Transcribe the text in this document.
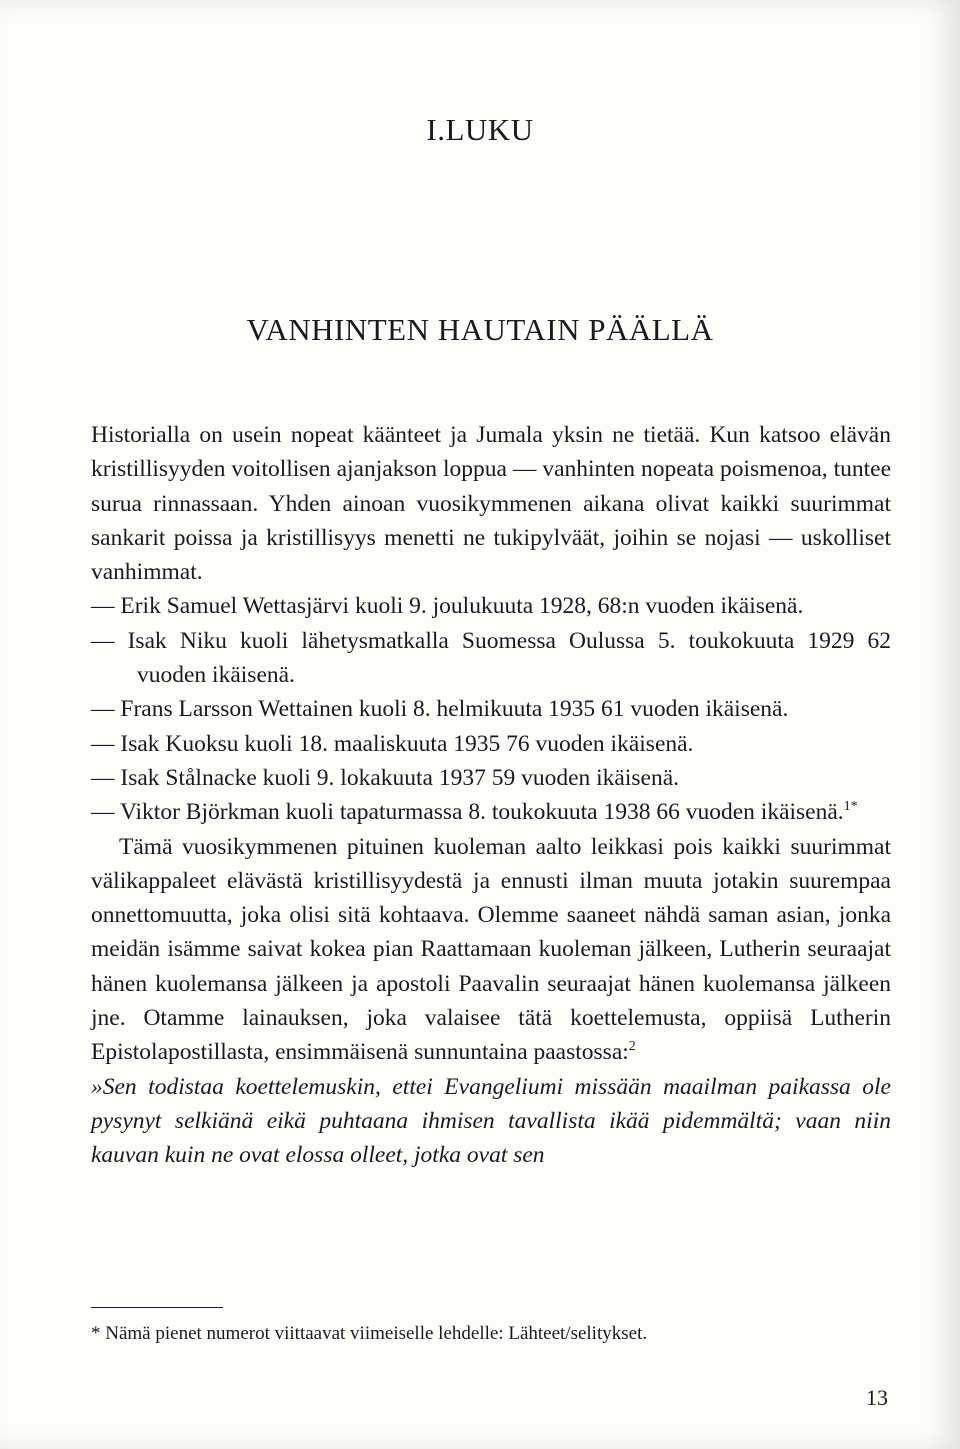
I.LUKU
VANHINTEN HAUTAIN PÄÄLLÄ

Historialla on usein nopeat käänteet ja Jumala yksin ne tietää. Kun katsoo elävän kristillisyyden voitollisen ajanjakson loppua — vanhinten nopeata poismenoa, tuntee surua rinnassaan. Yhden ainoan vuosikymmenen aikana olivat kaikki suurimmat sankarit poissa ja kristillisyys menetti ne tukipylväät, joihin se nojasi — uskolliset vanhimmat.

— Erik Samuel Wettasjärvi kuoli 9. joulukuuta 1928, 68:n vuoden ikäisenä.

— Isak Niku kuoli lähetysmatkalla Suomessa Oulussa 5. toukokuuta 1929 62 vuoden ikäisenä.

— Frans Larsson Wettainen kuoli 8. helmikuuta 1935 61 vuoden ikäisenä.

— Isak Kuoksu kuoli 18. maaliskuuta 1935 76 vuoden ikäisenä.

— Isak Stålnacke kuoli 9. lokakuuta 1937 59 vuoden ikäisenä.

— Viktor Björkman kuoli tapaturmassa 8. toukokuuta 1938 66 vuoden ikäisenä.$^{1*}$

Tämä vuosikymmenen pituinen kuoleman aalto leikkasi pois kaikki suurimmat välikappaleet elävästä kristillisyydestä ja ennusti ilman muuta jotakin suurempaa onnettomuutta, joka olisi sitä kohtaava. Olemme saaneet nähdä saman asian, jonka meidän isämme saivat kokea pian Raattamaan kuoleman jälkeen, Lutherin seuraajat hänen kuolemansa jälkeen ja apostoli Paavalin seuraajat hänen kuolemansa jälkeen jne. Otamme lainauksen, joka valaisee tätä koettelemusta, oppiisä Lutherin Epistolapostillasta, ensimmäisenä sunnuntaina paastossa:$^2$

»Sen todistaa koettelemuskin, ettei Evangeliumi missään maailman paikassa ole pysynyt selkiänä eikä puhtaana ihmisen tavallista ikää pidemmältä; vaan niin kauvan kuin ne ovat elossa olleet, jotka ovat sen

* Nämä pienet numerot viittaavat viimeiselle lehdelle: Lähteet/selitykset.
13
